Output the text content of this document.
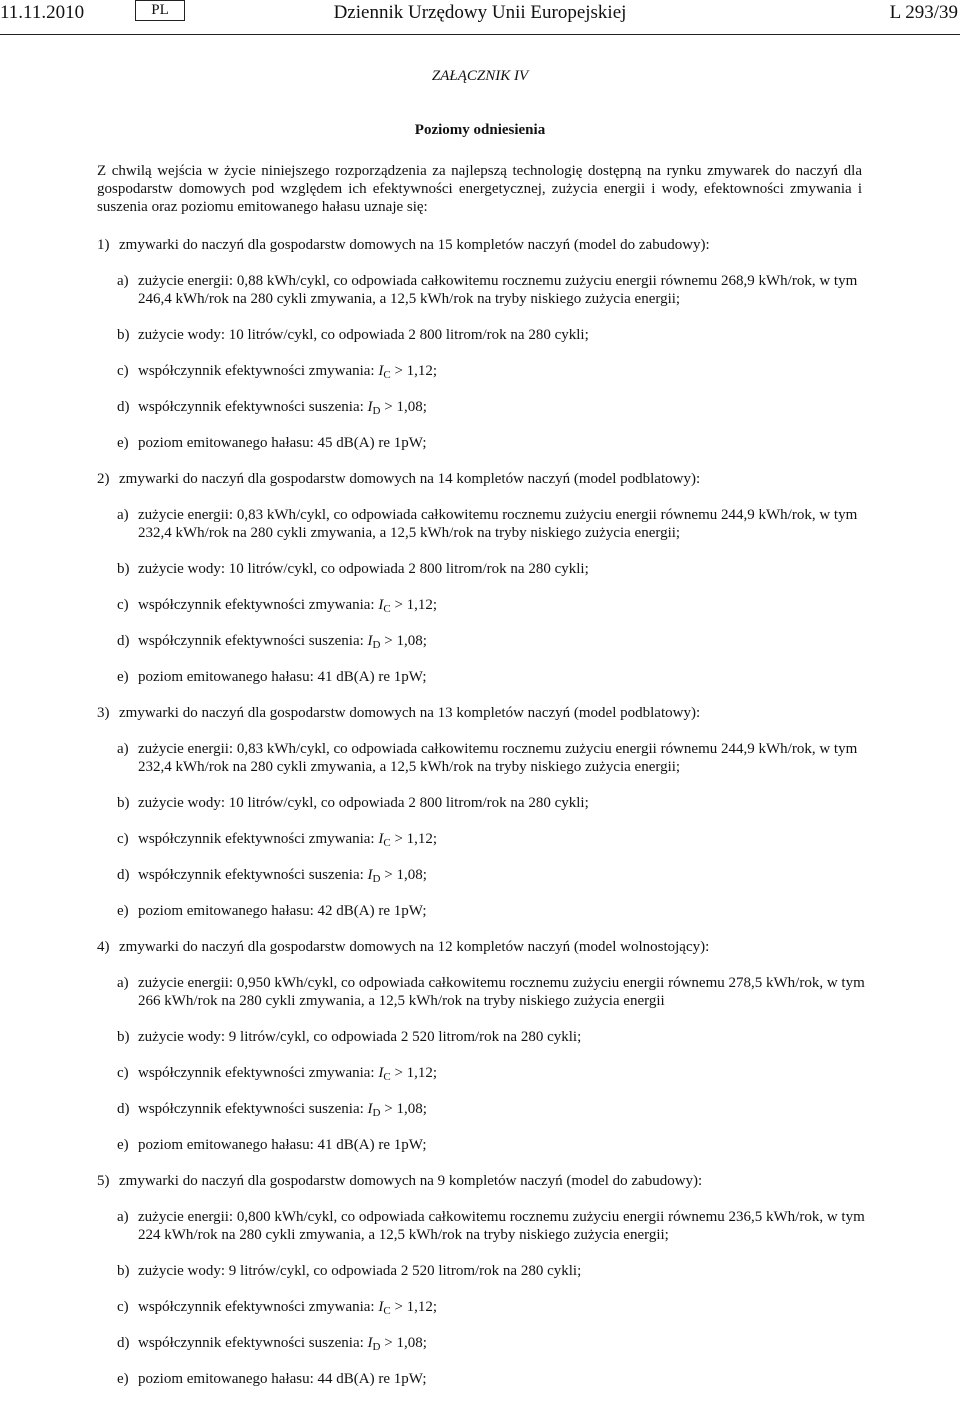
11.11.2010	PL	Dziennik Urzędowy Unii Europejskiej	L 293/39
ZAŁĄCZNIK IV
Poziomy odniesienia

Z chwilą wejścia w życie niniejszego rozporządzenia za najlepszą technologię dostępną na rynku zmywarek do naczyń dla gospodarstw domowych pod względem ich efektywności energetycznej, zużycia energii i wody, efektowności zmywania i suszenia oraz poziomu emitowanego hałasu uznaje się:

1) zmywarki do naczyń dla gospodarstw domowych na 15 kompletów naczyń (model do zabudowy):
a) zużycie energii: 0,88 kWh/cykl, co odpowiada całkowitemu rocznemu zużyciu energii równemu 268,9 kWh/rok, w tym 246,4 kWh/rok na 280 cykli zmywania, a 12,5 kWh/rok na tryby niskiego zużycia energii;
b) zużycie wody: 10 litrów/cykl, co odpowiada 2 800 litrom/rok na 280 cykli;
c) współczynnik efektywności zmywania: $I_C > 1,12$;
d) współczynnik efektywności suszenia: $I_D > 1,08$;
e) poziom emitowanego hałasu: 45 dB(A) re 1pW;
2) zmywarki do naczyń dla gospodarstw domowych na 14 kompletów naczyń (model podblatowy):
a) zużycie energii: 0,83 kWh/cykl, co odpowiada całkowitemu rocznemu zużyciu energii równemu 244,9 kWh/rok, w tym 232,4 kWh/rok na 280 cykli zmywania, a 12,5 kWh/rok na tryby niskiego zużycia energii;
b) zużycie wody: 10 litrów/cykl, co odpowiada 2 800 litrom/rok na 280 cykli;
c) współczynnik efektywności zmywania: $I_C > 1,12$;
d) współczynnik efektywności suszenia: $I_D > 1,08$;
e) poziom emitowanego hałasu: 41 dB(A) re 1pW;
3) zmywarki do naczyń dla gospodarstw domowych na 13 kompletów naczyń (model podblatowy):
a) zużycie energii: 0,83 kWh/cykl, co odpowiada całkowitemu rocznemu zużyciu energii równemu 244,9 kWh/rok, w tym 232,4 kWh/rok na 280 cykli zmywania, a 12,5 kWh/rok na tryby niskiego zużycia energii;
b) zużycie wody: 10 litrów/cykl, co odpowiada 2 800 litrom/rok na 280 cykli;
c) współczynnik efektywności zmywania: $I_C > 1,12$;
d) współczynnik efektywności suszenia: $I_D > 1,08$;
e) poziom emitowanego hałasu: 42 dB(A) re 1pW;
4) zmywarki do naczyń dla gospodarstw domowych na 12 kompletów naczyń (model wolnostojący):
a) zużycie energii: 0,950 kWh/cykl, co odpowiada całkowitemu rocznemu zużyciu energii równemu 278,5 kWh/rok, w tym 266 kWh/rok na 280 cykli zmywania, a 12,5 kWh/rok na tryby niskiego zużycia energii
b) zużycie wody: 9 litrów/cykl, co odpowiada 2 520 litrom/rok na 280 cykli;
c) współczynnik efektywności zmywania: $I_C > 1,12$;
d) współczynnik efektywności suszenia: $I_D > 1,08$;
e) poziom emitowanego hałasu: 41 dB(A) re 1pW;
5) zmywarki do naczyń dla gospodarstw domowych na 9 kompletów naczyń (model do zabudowy):
a) zużycie energii: 0,800 kWh/cykl, co odpowiada całkowitemu rocznemu zużyciu energii równemu 236,5 kWh/rok, w tym 224 kWh/rok na 280 cykli zmywania, a 12,5 kWh/rok na tryby niskiego zużycia energii;
b) zużycie wody: 9 litrów/cykl, co odpowiada 2 520 litrom/rok na 280 cykli;
c) współczynnik efektywności zmywania: $I_C > 1,12$;
d) współczynnik efektywności suszenia: $I_D > 1,08$;
e) poziom emitowanego hałasu: 44 dB(A) re 1pW;
